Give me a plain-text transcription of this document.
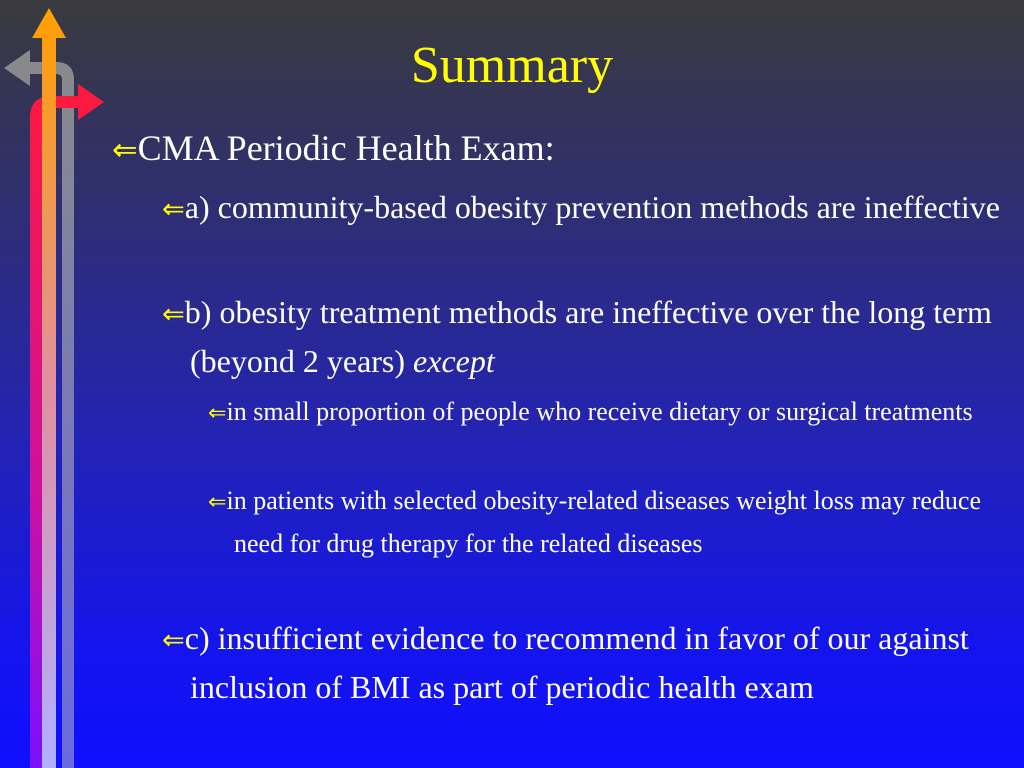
Summary
⇐CMA Periodic Health Exam:
⇐a) community-based obesity prevention methods are ineffective
⇐b) obesity treatment methods are ineffective over the long term (beyond 2 years) except
⇐in small proportion of people who receive dietary or surgical treatments
⇐in patients with selected obesity-related diseases weight loss may reduce need for drug therapy for the related diseases
⇐c) insufficient evidence to recommend in favor of our against inclusion of BMI as part of periodic health exam
